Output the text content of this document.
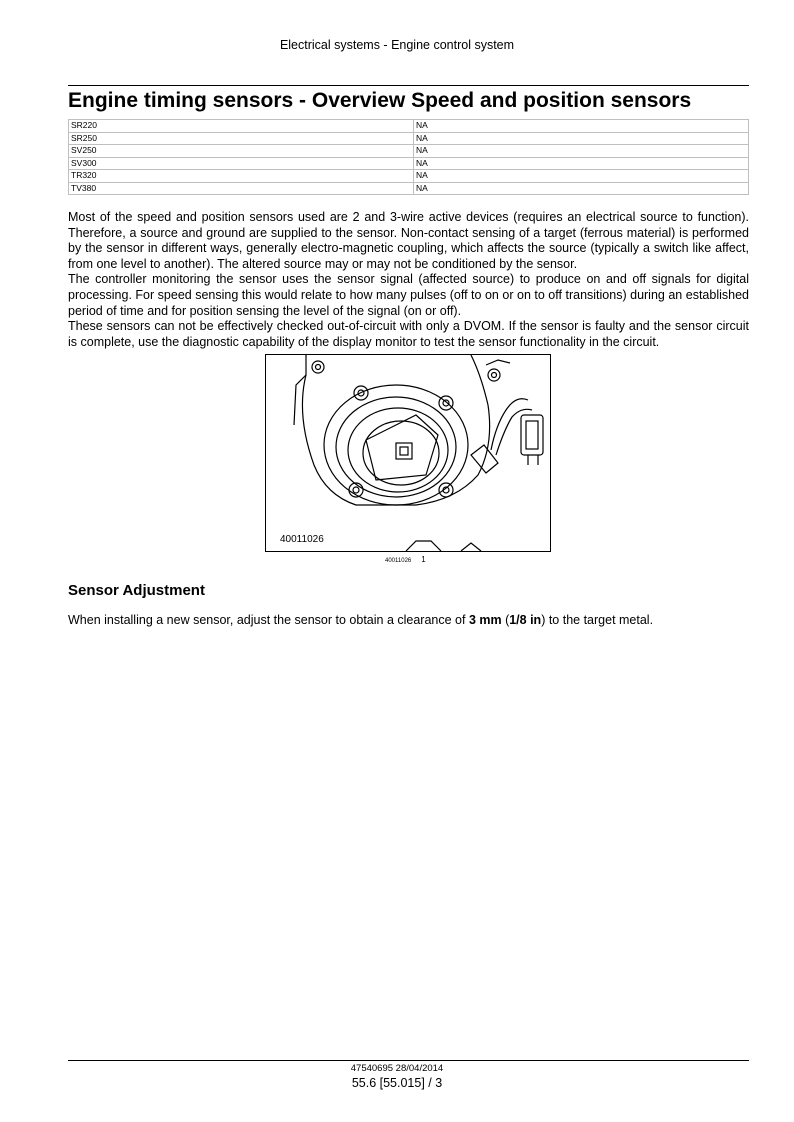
Electrical systems - Engine control system
Engine timing sensors - Overview Speed and position sensors
SR220	NA
SR250	NA
SV250	NA
SV300	NA
TR320	NA
TV380	NA

Most of the speed and position sensors used are 2 and 3-wire active devices (requires an electrical source to function). Therefore, a source and ground are supplied to the sensor. Non-contact sensing of a target (ferrous material) is performed by the sensor in different ways, generally electro-magnetic coupling, which affects the source (typically a switch like affect, from one level to another). The altered source may or may not be conditioned by the sensor.

The controller monitoring the sensor uses the sensor signal (affected source) to produce on and off signals for digital processing. For speed sensing this would relate to how many pulses (off to on or on to off transitions) during an established period of time and for position sensing the level of the signal (on or off).

These sensors can not be effectively checked out-of-circuit with only a DVOM. If the sensor is faulty and the sensor circuit is complete, use the diagnostic capability of the display monitor to test the sensor functionality in the circuit.

40011026
40011026 1
Sensor Adjustment

When installing a new sensor, adjust the sensor to obtain a clearance of 3 mm (1/8 in) to the target metal.

47540695 28/04/2014
55.6 [55.015] / 3
